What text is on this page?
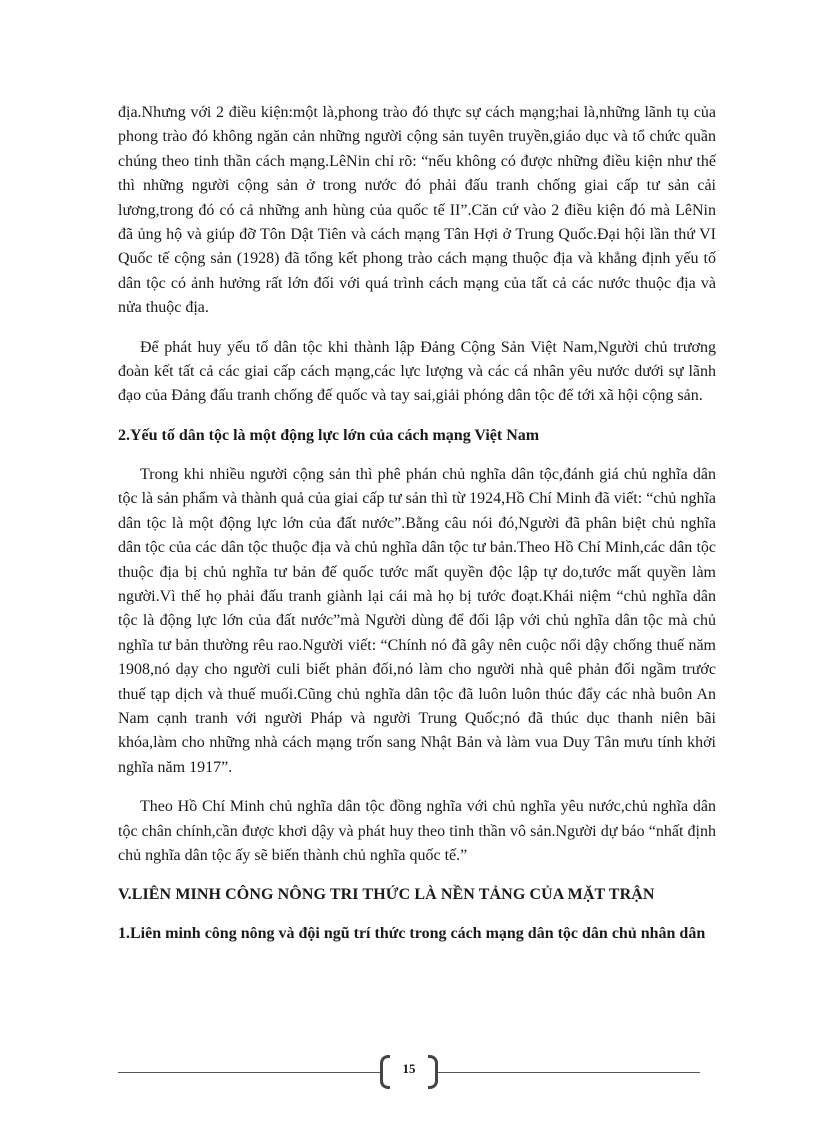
địa.Nhưng với 2 điều kiện:một là,phong trào đó thực sự cách mạng;hai là,những lãnh tụ của phong trào đó không ngăn cản những người cộng sản tuyên truyền,giáo dục và tổ chức quần chúng theo tinh thần cách mạng.LêNin chỉ rõ: “nếu không có được những điều kiện như thế thì những người cộng sản ở trong nước đó phải đấu tranh chống giai cấp tư sản cải lương,trong đó có cả những anh hùng của quốc tế II”.Căn cứ vào 2 điều kiện đó mà LêNin đã ủng hộ và giúp đỡ Tôn Dật Tiên và cách mạng Tân Hợi ở Trung Quốc.Đại hội lần thứ VI Quốc tế cộng sản (1928) đã tổng kết phong trào cách mạng thuộc địa và khẳng định yếu tố dân tộc có ảnh hưởng rất lớn đối với quá trình cách mạng của tất cả các nước thuộc địa và nửa thuộc địa.

Để phát huy yếu tố dân tộc khi thành lập Đảng Cộng Sản Việt Nam,Người chủ trương đoàn kết tất cả các giai cấp cách mạng,các lực lượng và các cá nhân yêu nước dưới sự lãnh đạo của Đảng đấu tranh chống đế quốc và tay sai,giải phóng dân tộc để tới xã hội cộng sản.

2.Yếu tố dân tộc là một động lực lớn của cách mạng Việt Nam

Trong khi nhiều người cộng sản thì phê phán chủ nghĩa dân tộc,đánh giá chủ nghĩa dân tộc là sản phẩm và thành quả của giai cấp tư sản thì từ 1924,Hồ Chí Minh đã viết: “chủ nghĩa dân tộc là một động lực lớn của đất nước”.Bằng câu nói đó,Người đã phân biệt chủ nghĩa dân tộc của các dân tộc thuộc địa và chủ nghĩa dân tộc tư bản.Theo Hồ Chí Minh,các dân tộc thuộc địa bị chủ nghĩa tư bản đế quốc tước mất quyền độc lập tự do,tước mất quyền làm người.Vì thế họ phải đấu tranh giành lại cái mà họ bị tước đoạt.Khái niệm “chủ nghĩa dân tộc là động lực lớn của đất nước”mà Người dùng để đối lập với chủ nghĩa dân tộc mà chủ nghĩa tư bản thường rêu rao.Người viết: “Chính nó đã gây nên cuộc nổi dậy chống thuế năm 1908,nó dạy cho người culi biết phản đối,nó làm cho người nhà quê phản đối ngầm trước thuế tạp dịch và thuế muối.Cũng chủ nghĩa dân tộc đã luôn luôn thúc đẩy các nhà buôn An Nam cạnh tranh với người Pháp và người Trung Quốc;nó đã thúc dục thanh niên bãi khóa,làm cho những nhà cách mạng trốn sang Nhật Bản và làm vua Duy Tân mưu tính khởi nghĩa năm 1917”.

Theo Hồ Chí Minh chủ nghĩa dân tộc đồng nghĩa với chủ nghĩa yêu nước,chủ nghĩa dân tộc chân chính,cần được khơi dậy và phát huy theo tinh thần vô sản.Người dự báo “nhất định chủ nghĩa dân tộc ấy sẽ biến thành chủ nghĩa quốc tế.”

V.LIÊN MINH CÔNG NÔNG TRI THỨC LÀ NỀN TẢNG CỦA MẶT TRẬN
1.Liên minh công nông và đội ngũ trí thức trong cách mạng dân tộc dân chủ nhân dân
15
